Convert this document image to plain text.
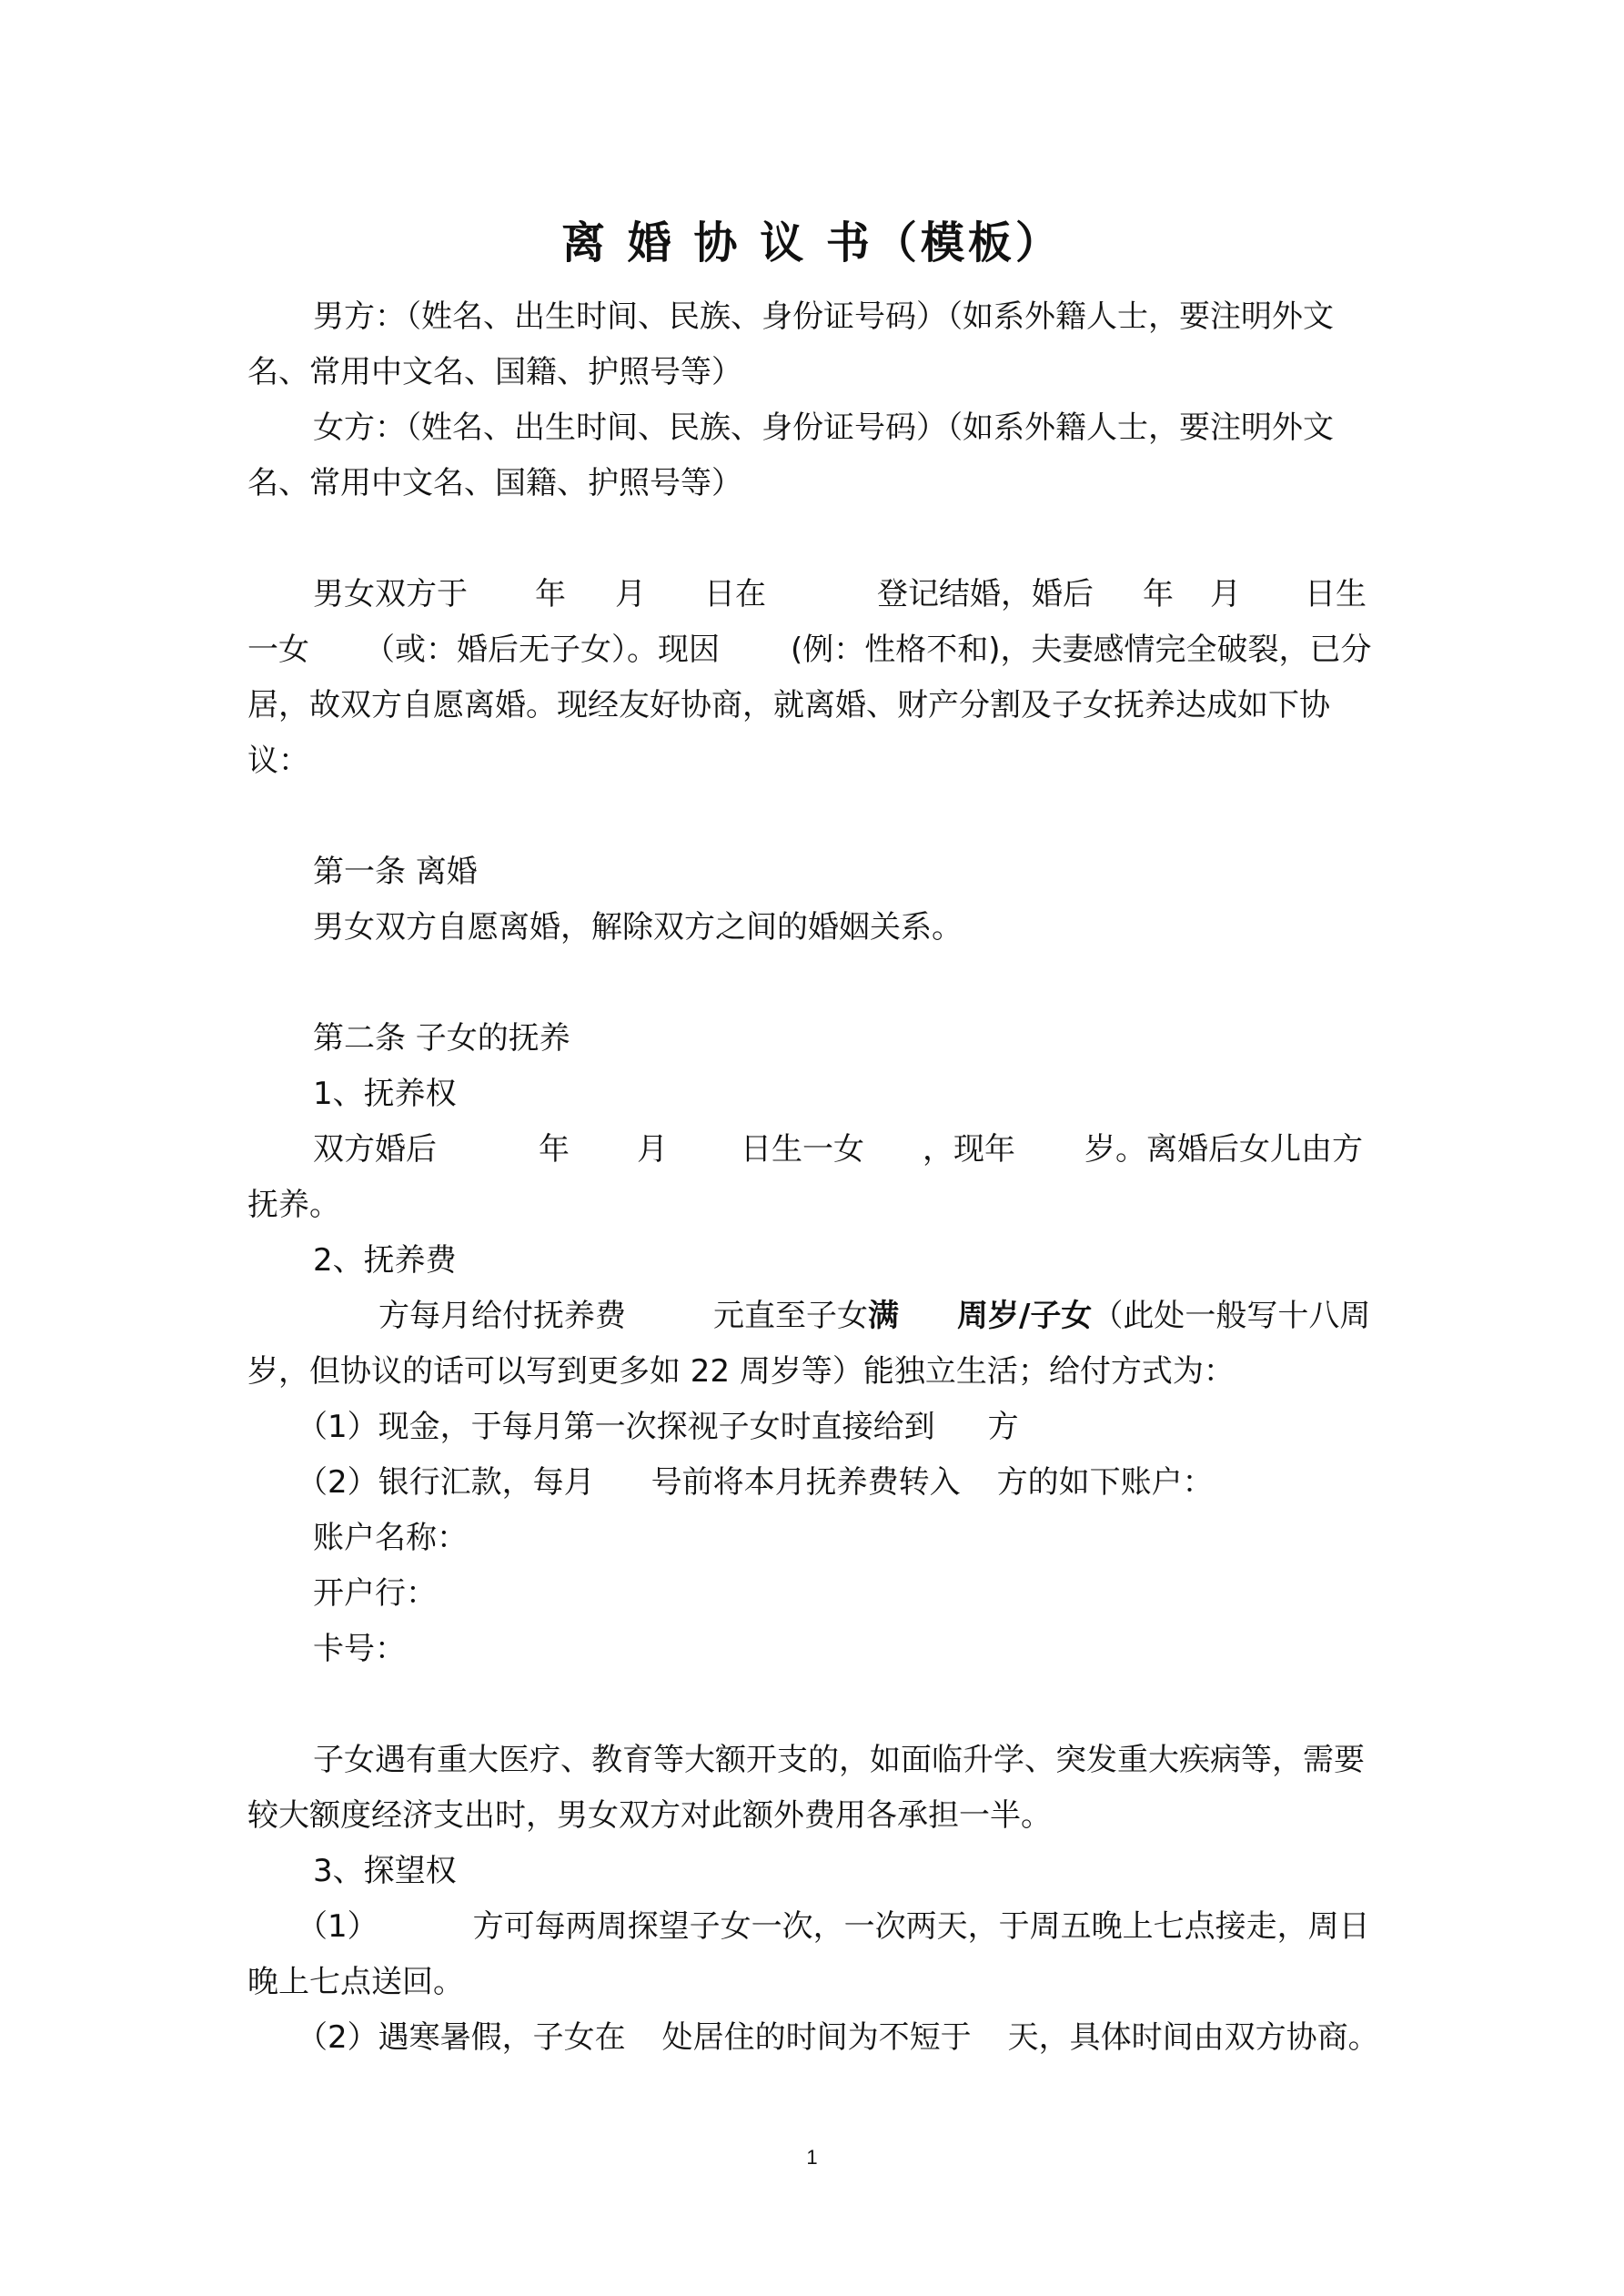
离 婚 协 议 书（模板）

男方：（姓名、出生时间、民族、身份证号码）（如系外籍人士，要注明外文名、常用中文名、国籍、护照号等）

女方：（姓名、出生时间、民族、身份证号码）（如系外籍人士，要注明外文名、常用中文名、国籍、护照号等）

男女双方于 年 月 日在	登记结婚，婚后 年 月 日生一女 （或：婚后无子女）。现因 (例：性格不和)，夫妻感情完全破裂，已分居，故双方自愿离婚。现经友好协商，就离婚、财产分割及子女抚养达成如下协议：

第一条 离婚

男女双方自愿离婚，解除双方之间的婚姻关系。

第二条 子女的抚养

1、抚养权

双方婚后	年 月 日生一女 ，现年 岁。离婚后女儿由方抚养。

2、抚养费

方每月给付抚养费	元直至子女满 周岁/子女（此处一般写十八周岁，但协议的话可以写到更多如 22 周岁等）能独立生活；给付方式为：

（1）现金，于每月第一次探视子女时直接给到 方

（2）银行汇款，每月 号前将本月抚养费转入 方的如下账户：

账户名称：

开户行：

卡号：

子女遇有重大医疗、教育等大额开支的，如面临升学、突发重大疾病等，需要较大额度经济支出时，男女双方对此额外费用各承担一半。

3、探望权

（1）	方可每两周探望子女一次，一次两天，于周五晚上七点接走，周日晚上七点送回。

（2）遇寒暑假，子女在 处居住的时间为不短于 天，具体时间由双方协商。

1
